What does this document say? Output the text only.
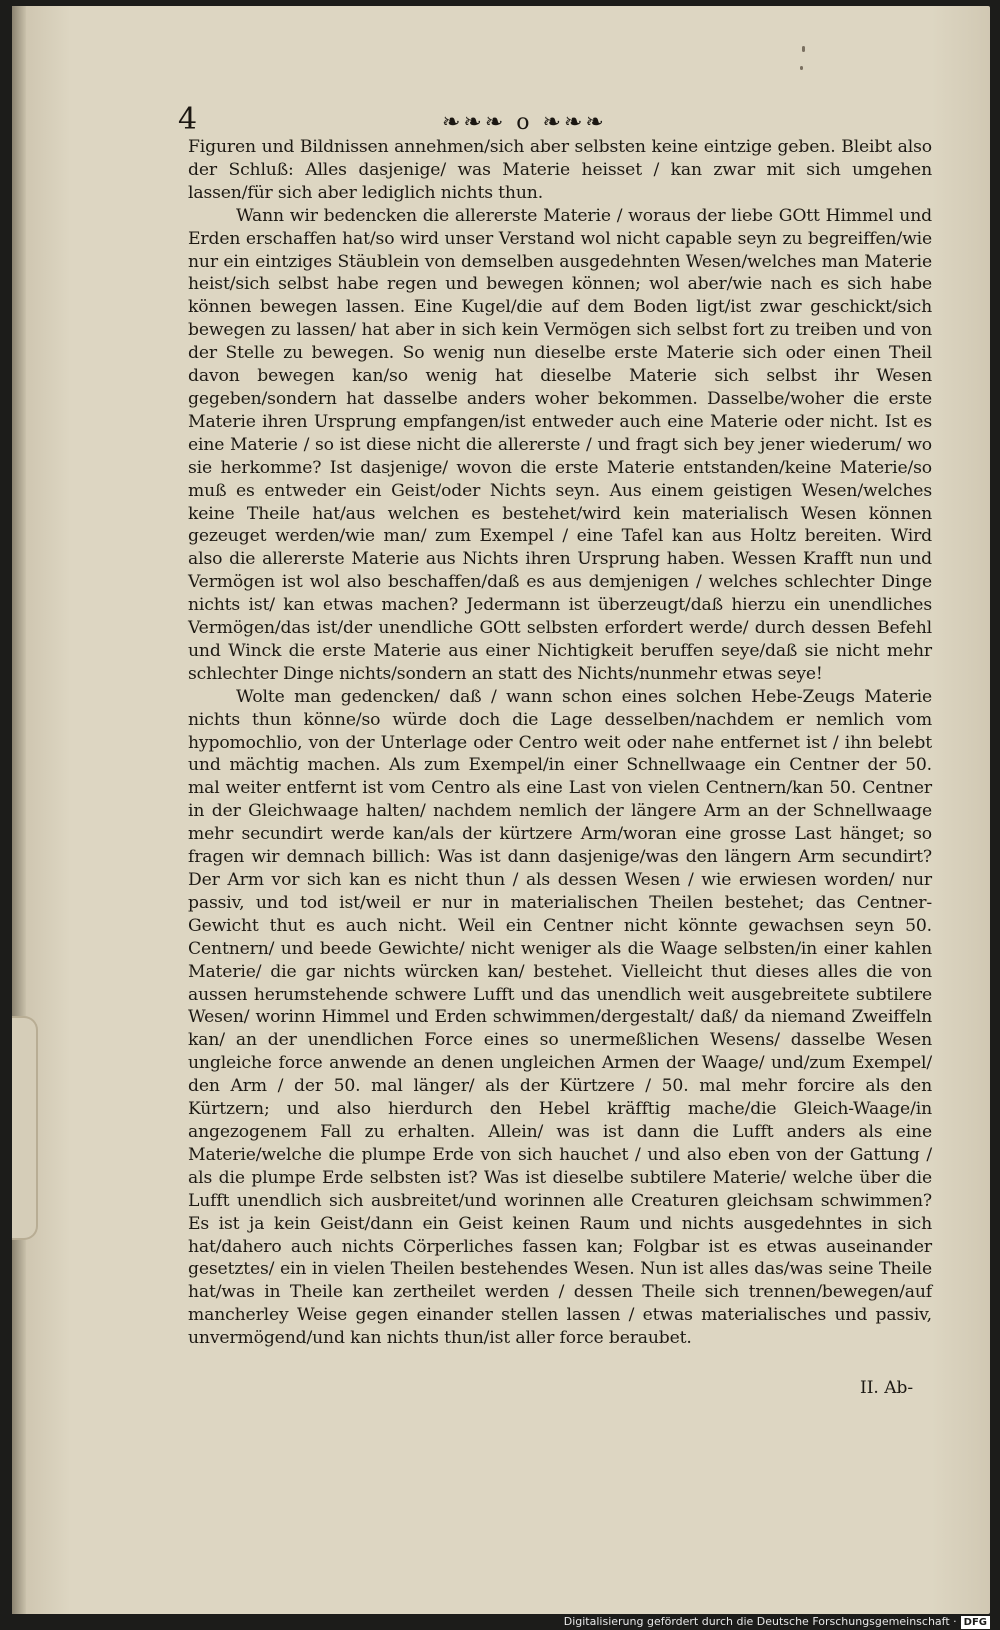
4	❧❧❧ o ❧❧❧

Figuren und Bildnissen annehmen/sich aber selbsten keine eintzige geben. Bleibt also der Schluß: Alles dasjenige/ was Materie heisset / kan zwar mit sich umgehen lassen/für sich aber lediglich nichts thun.

Wann wir bedencken die allererste Materie / woraus der liebe GOtt Himmel und Erden erschaffen hat/so wird unser Verstand wol nicht capable seyn zu begreiffen/wie nur ein eintziges Stäublein von demselben ausgedehnten Wesen/welches man Materie heist/sich selbst habe regen und bewegen können; wol aber/wie nach es sich habe können bewegen lassen. Eine Kugel/die auf dem Boden ligt/ist zwar geschickt/sich bewegen zu lassen/ hat aber in sich kein Vermögen sich selbst fort zu treiben und von der Stelle zu bewegen. So wenig nun dieselbe erste Materie sich oder einen Theil davon bewegen kan/so wenig hat dieselbe Materie sich selbst ihr Wesen gegeben/sondern hat dasselbe anders woher bekommen. Dasselbe/woher die erste Materie ihren Ursprung empfangen/ist entweder auch eine Materie oder nicht. Ist es eine Materie / so ist diese nicht die allererste / und fragt sich bey jener wiederum/ wo sie herkomme? Ist dasjenige/ wovon die erste Materie entstanden/keine Materie/so muß es entweder ein Geist/oder Nichts seyn. Aus einem geistigen Wesen/welches keine Theile hat/aus welchen es bestehet/wird kein materialisch Wesen können gezeuget werden/wie man/ zum Exempel / eine Tafel kan aus Holtz bereiten. Wird also die allererste Materie aus Nichts ihren Ursprung haben. Wessen Krafft nun und Vermögen ist wol also beschaffen/daß es aus demjenigen / welches schlechter Dinge nichts ist/ kan etwas machen? Jedermann ist überzeugt/daß hierzu ein unendliches Vermögen/das ist/der unendliche GOtt selbsten erfordert werde/ durch dessen Befehl und Winck die erste Materie aus einer Nichtigkeit beruffen seye/daß sie nicht mehr schlechter Dinge nichts/sondern an statt des Nichts/nunmehr etwas seye!

Wolte man gedencken/ daß / wann schon eines solchen Hebe-Zeugs Materie nichts thun könne/so würde doch die Lage desselben/nachdem er nemlich vom hypomochlio, von der Unterlage oder Centro weit oder nahe entfernet ist / ihn belebt und mächtig machen. Als zum Exempel/in einer Schnellwaage ein Centner der 50. mal weiter entfernt ist vom Centro als eine Last von vielen Centnern/kan 50. Centner in der Gleichwaage halten/ nachdem nemlich der längere Arm an der Schnellwaage mehr secundirt werde kan/als der kürtzere Arm/woran eine grosse Last hänget; so fragen wir demnach billich: Was ist dann dasjenige/was den längern Arm secundirt? Der Arm vor sich kan es nicht thun / als dessen Wesen / wie erwiesen worden/ nur passiv, und tod ist/weil er nur in materialischen Theilen bestehet; das Centner-Gewicht thut es auch nicht. Weil ein Centner nicht könnte gewachsen seyn 50. Centnern/ und beede Gewichte/ nicht weniger als die Waage selbsten/in einer kahlen Materie/ die gar nichts würcken kan/ bestehet. Vielleicht thut dieses alles die von aussen herumstehende schwere Lufft und das unendlich weit ausgebreitete subtilere Wesen/ worinn Himmel und Erden schwimmen/dergestalt/ daß/ da niemand Zweiffeln kan/ an der unendlichen Force eines so unermeßlichen Wesens/ dasselbe Wesen ungleiche force anwende an denen ungleichen Armen der Waage/ und/zum Exempel/ den Arm / der 50. mal länger/ als der Kürtzere / 50. mal mehr forcire als den Kürtzern; und also hierdurch den Hebel kräfftig mache/die Gleich-Waage/in angezogenem Fall zu erhalten. Allein/ was ist dann die Lufft anders als eine Materie/welche die plumpe Erde von sich hauchet / und also eben von der Gattung / als die plumpe Erde selbsten ist? Was ist dieselbe subtilere Materie/ welche über die Lufft unendlich sich ausbreitet/und worinnen alle Creaturen gleichsam schwimmen? Es ist ja kein Geist/dann ein Geist keinen Raum und nichts ausgedehntes in sich hat/dahero auch nichts Cörperliches fassen kan; Folgbar ist es etwas auseinander gesetztes/ ein in vielen Theilen bestehendes Wesen. Nun ist alles das/was seine Theile hat/was in Theile kan zertheilet werden / dessen Theile sich trennen/bewegen/auf mancherley Weise gegen einander stellen lassen / etwas materialisches und passiv, unvermögend/und kan nichts thun/ist aller force beraubet.

II. Ab-
Digitalisierung gefördert durch die Deutsche Forschungsgemeinschaft · DFG
